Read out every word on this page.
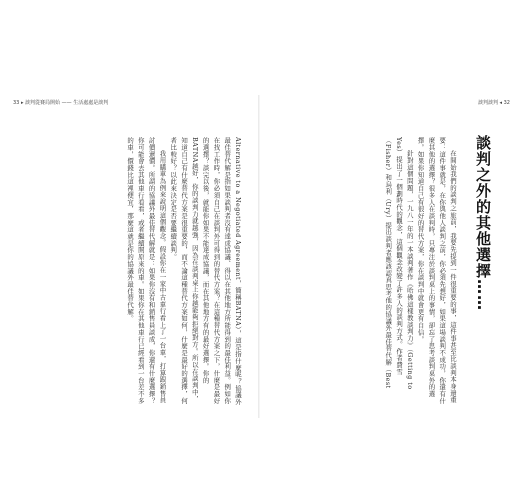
33 ▸ 談判從賽局開始 —— 生活處處是談判

Alternative to a Negotiated Agreement，簡稱BATNA），這是指什麼呢？協議外最佳替代解是指如果談判者沒有達成協議、得以在其他地方所能得到的最佳利益。例如你在找工作時，你必須自己在談判外可得到的替代方案？在這種替代方案之下，什麼是最好的選擇？談完以後，就能你如果不能達成協議，而在其他地方有的最好選擇。你的BATNA越好，你的談判力就越強，因為在談判桌上你越能夠拒絕對方。所以在談判中，知道自己有什麼替代方案是很重要的，而不論這種替代方案如何，什麼是最好的選擇，何者比較好？以此來決定是否要繼續談判。

我用購車為例來說明這個觀念。假設你在一家中古車行看上了一台車，打算跟銷售員討價還價。所謂的協議外最佳替代解就是：如果你沒有和銷售員談成，你還有什麼選擇？你可能會去其他車行看看，或者繼續開原來的車。如果你在其他車行已經看到一台差不多的車，價錢比這裡便宜，那麼這就是你的協議外最佳替代解。

談判談判 ◂ 32
談判之外的其他選擇……

在開始我們的談判之旅前，我要先提到一件很重要的事，這件事甚至比談判本身還重要：這件事就是，在你與他人談判之前，你必須先想好，如果這場談判不成功，你還有什麼其他的選擇？很多人在談判時，只專注於談判桌上的事情，卻忘了思考談判桌外的選擇。如果你知道自己有很好的替代方案，你在談判中就會更有自信。

針對這個問題，一九八一年的一本談判著作《哈佛這樣教談判力》（Getting to Yes）提出了一個劃時代的觀念，這個觀念改變了許多人的談判方式。作者費雪（Fisher）和烏利（Ury）提出談判者應該認真思考他的協議外最佳替代解（Best
